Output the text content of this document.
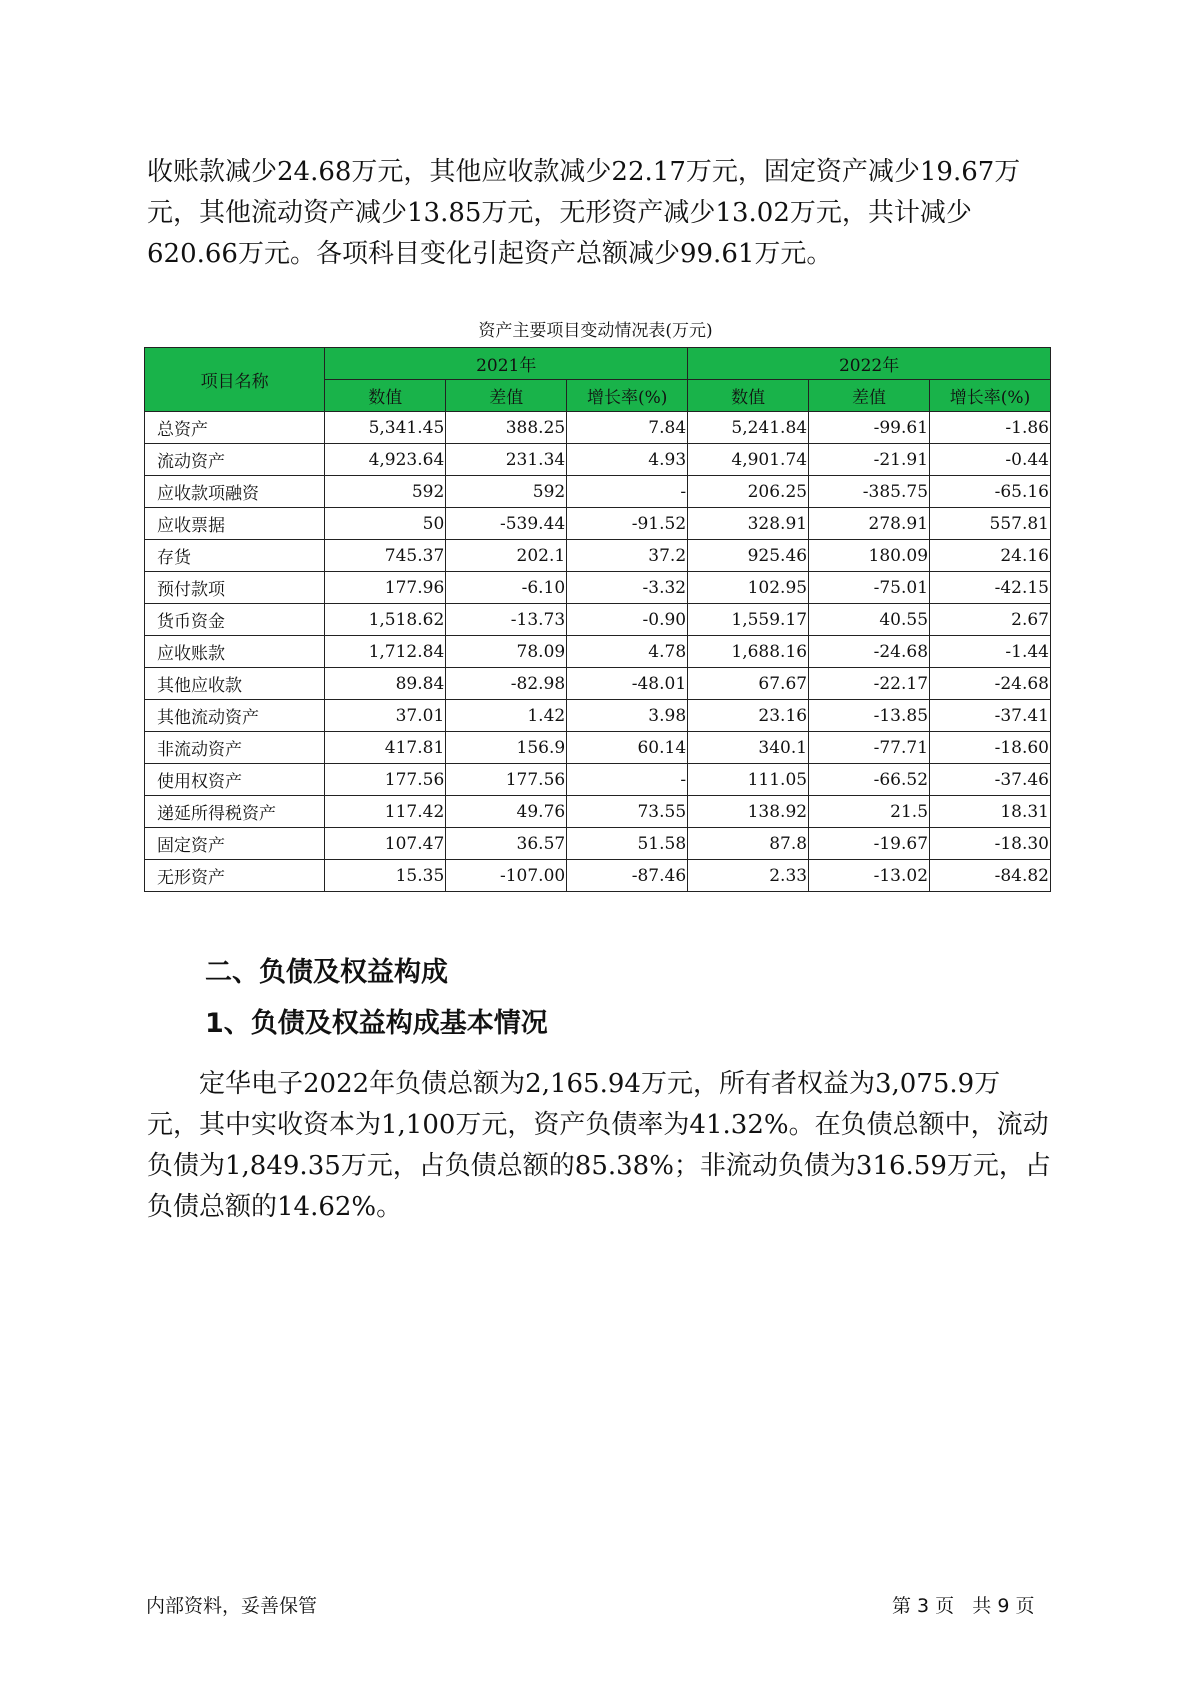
收账款减少24.68万元，其他应收款减少22.17万元，固定资产减少19.67万元，其他流动资产减少13.85万元，无形资产减少13.02万元，共计减少620.66万元。各项科目变化引起资产总额减少99.61万元。

资产主要项目变动情况表(万元)
项目名称	2021年			2022年		
	数值	差值	增长率(%)	数值	差值	增长率(%)
总资产	5,341.45	388.25	7.84	5,241.84	-99.61	-1.86
流动资产	4,923.64	231.34	4.93	4,901.74	-21.91	-0.44
应收款项融资	592	592	-	206.25	-385.75	-65.16
应收票据	50	-539.44	-91.52	328.91	278.91	557.81
存货	745.37	202.1	37.2	925.46	180.09	24.16
预付款项	177.96	-6.10	-3.32	102.95	-75.01	-42.15
货币资金	1,518.62	-13.73	-0.90	1,559.17	40.55	2.67
应收账款	1,712.84	78.09	4.78	1,688.16	-24.68	-1.44
其他应收款	89.84	-82.98	-48.01	67.67	-22.17	-24.68
其他流动资产	37.01	1.42	3.98	23.16	-13.85	-37.41
非流动资产	417.81	156.9	60.14	340.1	-77.71	-18.60
使用权资产	177.56	177.56	-	111.05	-66.52	-37.46
递延所得税资产	117.42	49.76	73.55	138.92	21.5	18.31
固定资产	107.47	36.57	51.58	87.8	-19.67	-18.30
无形资产	15.35	-107.00	-87.46	2.33	-13.02	-84.82
二、负债及权益构成
1、负债及权益构成基本情况

定华电子2022年负债总额为2,165.94万元，所有者权益为3,075.9万元，其中实收资本为1,100万元，资产负债率为41.32%。在负债总额中，流动负债为1,849.35万元，占负债总额的85.38%；非流动负债为316.59万元，占负债总额的14.62%。

内部资料，妥善保管	第 3 页   共 9 页
